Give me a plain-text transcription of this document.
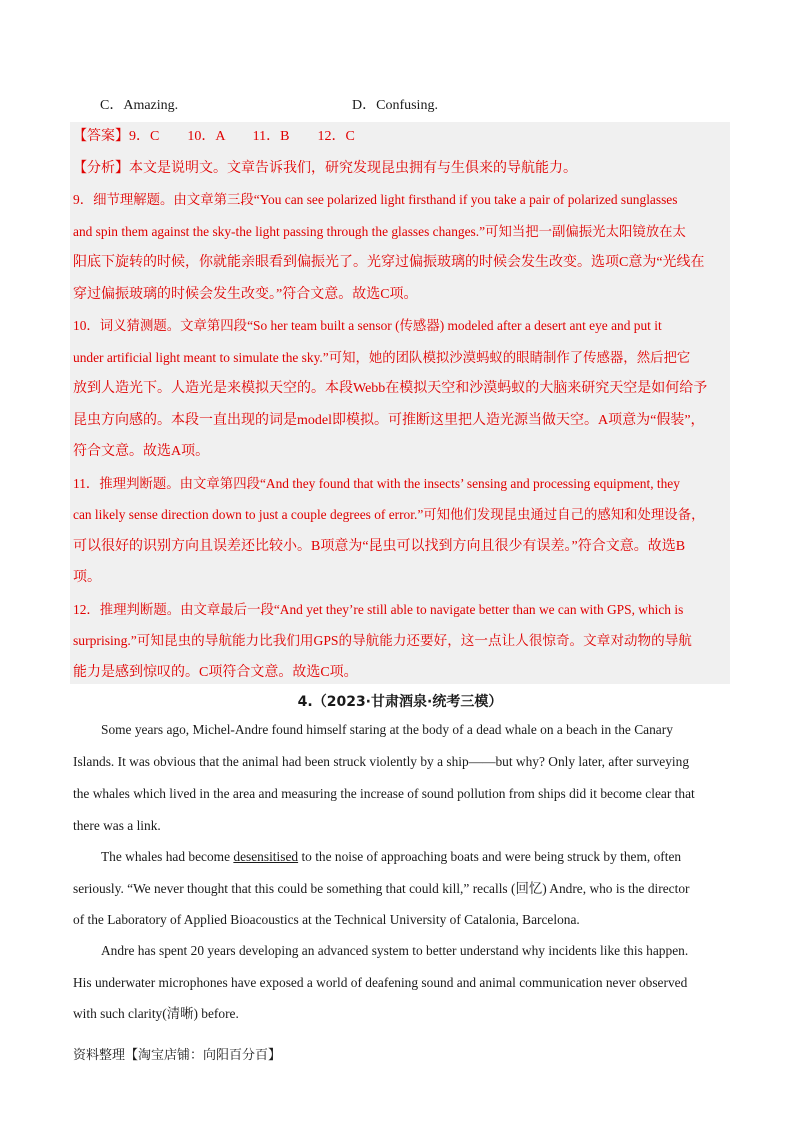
C．Amazing.	D．Confusing.
【答案】9．C　　10．A　　11．B　　12．C
【分析】本文是说明文。文章告诉我们，研究发现昆虫拥有与生俱来的导航能力。
9．细节理解题。由文章第三段“You can see polarized light firsthand if you take a pair of polarized sunglasses
and spin them against the sky-the light passing through the glasses changes.”可知当把一副偏振光太阳镜放在太
阳底下旋转的时候，你就能亲眼看到偏振光了。光穿过偏振玻璃的时候会发生改变。选项C意为“光线在
穿过偏振玻璃的时候会发生改变。”符合文意。故选C项。
10．词义猜测题。文章第四段“So her team built a sensor (传感器) modeled after a desert ant eye and put it
under artificial light meant to simulate the sky.”可知，她的团队模拟沙漠蚂蚁的眼睛制作了传感器，然后把它
放到人造光下。人造光是来模拟天空的。本段Webb在模拟天空和沙漠蚂蚁的大脑来研究天空是如何给予
昆虫方向感的。本段一直出现的词是model即模拟。可推断这里把人造光源当做天空。A项意为“假装”，
符合文意。故选A项。
11．推理判断题。由文章第四段“And they found that with the insects’ sensing and processing equipment, they
can likely sense direction down to just a couple degrees of error.”可知他们发现昆虫通过自己的感知和处理设备，
可以很好的识别方向且误差还比较小。B项意为“昆虫可以找到方向且很少有误差。”符合文意。故选B
项。
12．推理判断题。由文章最后一段“And yet they’re still able to navigate better than we can with GPS, which is
surprising.”可知昆虫的导航能力比我们用GPS的导航能力还要好，这一点让人很惊奇。文章对动物的导航
能力是感到惊叹的。C项符合文意。故选C项。
4.（2023·甘肃酒泉·统考三模）
Some years ago, Michel-Andre found himself staring at the body of a dead whale on a beach in the Canary
Islands. It was obvious that the animal had been struck violently by a ship——but why? Only later, after surveying
the whales which lived in the area and measuring the increase of sound pollution from ships did it become clear that
there was a link.
The whales had become desensitised to the noise of approaching boats and were being struck by them, often
seriously. “We never thought that this could be something that could kill,” recalls (回忆) Andre, who is the director
of the Laboratory of Applied Bioacoustics at the Technical University of Catalonia, Barcelona.
Andre has spent 20 years developing an advanced system to better understand why incidents like this happen.
His underwater microphones have exposed a world of deafening sound and animal communication never observed
with such clarity(清晰) before.
资料整理【淘宝店铺：向阳百分百】
